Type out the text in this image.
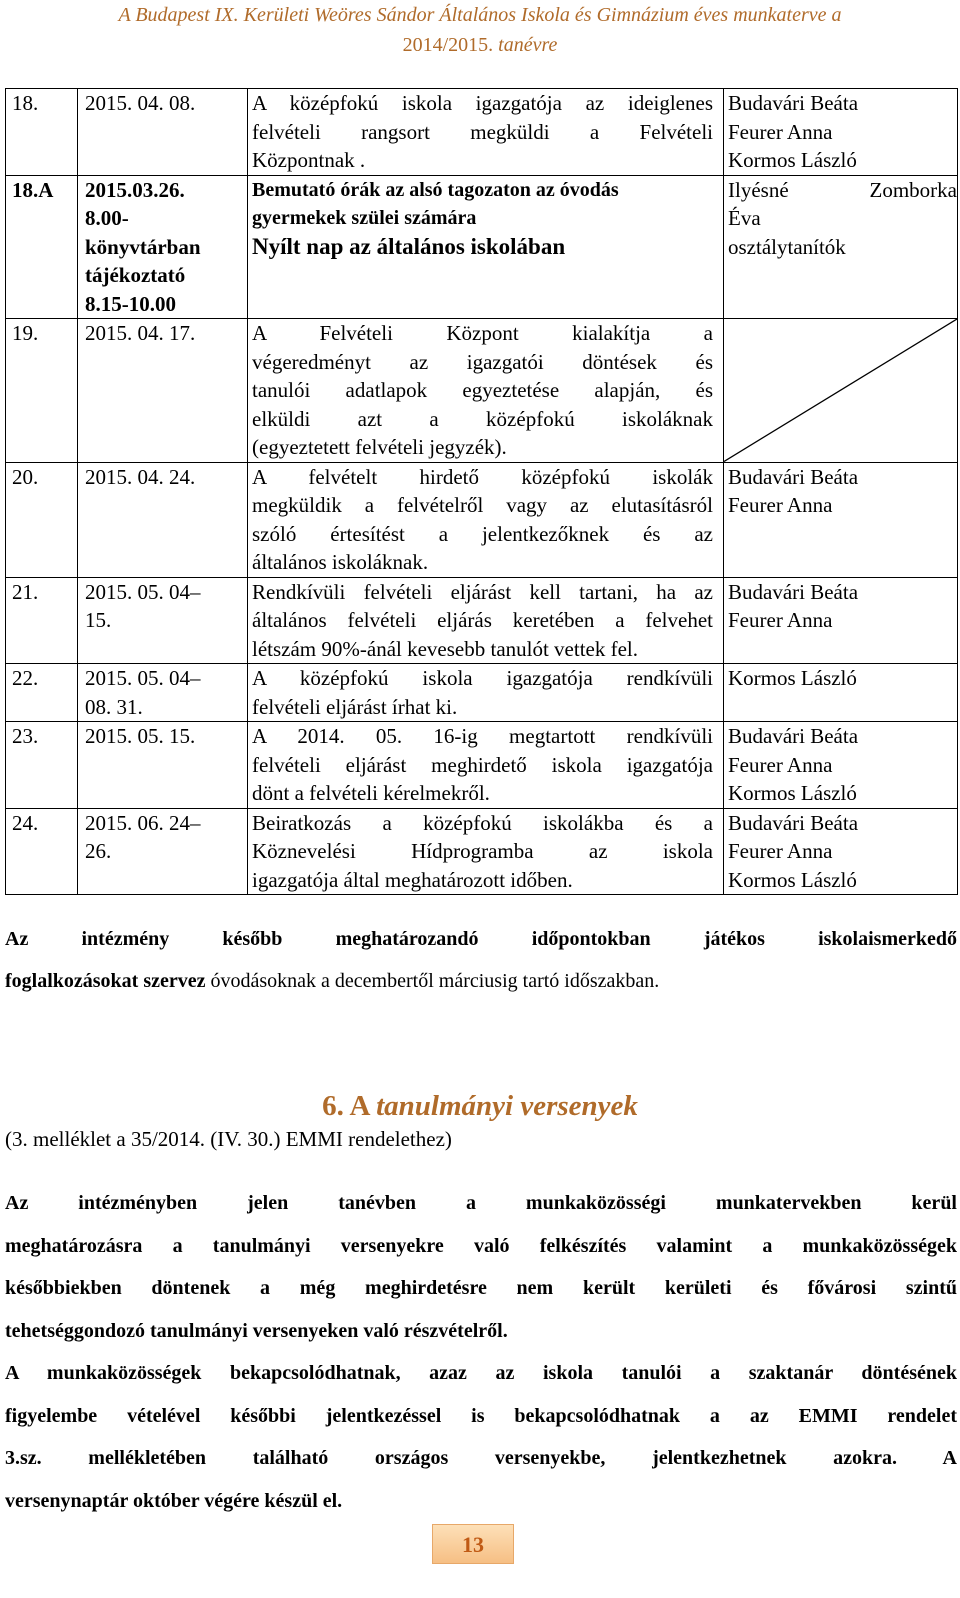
A Budapest IX. Kerületi Weöres Sándor Általános Iskola és Gimnázium éves munkaterve a
2014/2015. tanévre
18.	2015. 04. 08.	A középfokú iskola igazgatója az ideiglenes
felvételi rangsort megküldi a Felvételi
Központnak .	Budavári Beáta
Feurer Anna
Kormos László

18.A	2015.03.26.
8.00-
könyvtárban
tájékoztató
8.15-10.00	Bemutató órák az alsó tagozaton az óvodás
gyermekek szülei számára
Nyílt nap az általános iskolában	Ilyésné Zomborka
Éva
osztálytanítók

19.	2015. 04. 17.	A Felvételi Központ kialakítja a
végeredményt az igazgatói döntések és
tanulói adatlapok egyeztetése alapján, és
elküldi azt a középfokú iskoláknak
(egyeztetett felvételi jegyzék).

20.	2015. 04. 24.	A felvételt hirdető középfokú iskolák
megküldik a felvételről vagy az elutasításról
szóló értesítést a jelentkezőknek és az
általános iskoláknak.	Budavári Beáta
Feurer Anna

21.	2015. 05. 04–
15.	Rendkívüli felvételi eljárást kell tartani, ha az
általános felvételi eljárás keretében a felvehet
létszám 90%-ánál kevesebb tanulót vettek fel.	Budavári Beáta
Feurer Anna

22.	2015. 05. 04–
08. 31.	A középfokú iskola igazgatója rendkívüli
felvételi eljárást írhat ki.	Kormos László

23.	2015. 05. 15.	A 2014. 05. 16-ig megtartott rendkívüli
felvételi eljárást meghirdető iskola igazgatója
dönt a felvételi kérelmekről.	Budavári Beáta
Feurer Anna
Kormos László

24.	2015. 06. 24–
26.	Beiratkozás a középfokú iskolákba és a
Köznevelési Hídprogramba az iskola
igazgatója által meghatározott időben.	Budavári Beáta
Feurer Anna
Kormos László
Az intézmény később meghatározandó időpontokban játékos iskolaismerkedő
foglalkozásokat szervez óvodásoknak a decembertől márciusig tartó időszakban.
6. A tanulmányi versenyek
(3. melléklet a 35/2014. (IV. 30.) EMMI rendelethez)
Az intézményben jelen tanévben a munkaközösségi munkatervekben kerül
meghatározásra a tanulmányi versenyekre való felkészítés valamint a munkaközösségek
későbbiekben döntenek a még meghirdetésre nem került kerületi és fővárosi szintű
tehetséggondozó tanulmányi versenyeken való részvételről.
A munkaközösségek bekapcsolódhatnak, azaz az iskola tanulói a szaktanár döntésének
figyelembe vételével későbbi jelentkezéssel is bekapcsolódhatnak a az EMMI rendelet
3.sz. mellékletében található országos versenyekbe, jelentkezhetnek azokra. A
versenynaptár október végére készül el.
13
